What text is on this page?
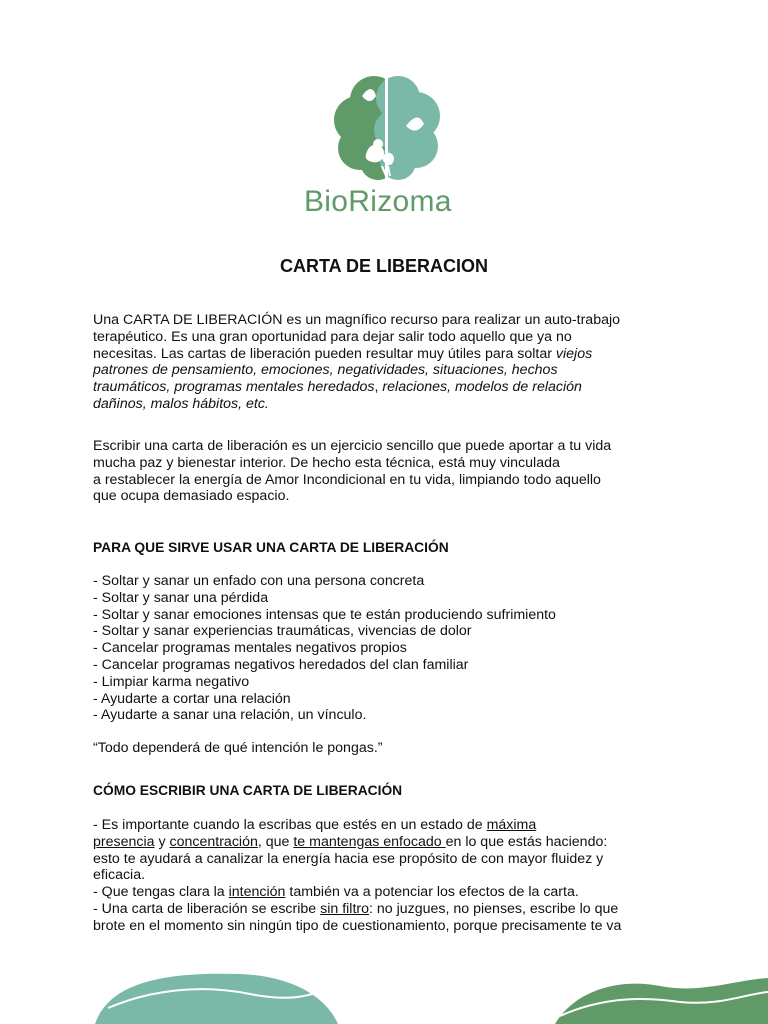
BioRizoma
CARTA DE LIBERACION
Una CARTA DE LIBERACIÓN es un magnífico recurso para realizar un auto-trabajo
terapéutico. Es una gran oportunidad para dejar salir todo aquello que ya no
necesitas. Las cartas de liberación pueden resultar muy útiles para soltar viejos
patrones de pensamiento, emociones, negatividades, situaciones, hechos
traumáticos, programas mentales heredados, relaciones, modelos de relación
dañinos, malos hábitos, etc.
Escribir una carta de liberación es un ejercicio sencillo que puede aportar a tu vida
mucha paz y bienestar interior. De hecho esta técnica, está muy vinculada
a restablecer la energía de Amor Incondicional en tu vida, limpiando todo aquello
que ocupa demasiado espacio.
PARA QUE SIRVE USAR UNA CARTA DE LIBERACIÓN
- Soltar y sanar un enfado con una persona concreta
- Soltar y sanar una pérdida
- Soltar y sanar emociones intensas que te están produciendo sufrimiento
- Soltar y sanar experiencias traumáticas, vivencias de dolor
- Cancelar programas mentales negativos propios
- Cancelar programas negativos heredados del clan familiar
- Limpiar karma negativo
- Ayudarte a cortar una relación
- Ayudarte a sanar una relación, un vínculo.
“Todo dependerá de qué intención le pongas.”
CÓMO ESCRIBIR UNA CARTA DE LIBERACIÓN
- Es importante cuando la escribas que estés en un estado de máxima
presencia y concentración, que te mantengas enfocado en lo que estás haciendo:
esto te ayudará a canalizar la energía hacia ese propósito de con mayor fluidez y
eficacia.
- Que tengas clara la intención también va a potenciar los efectos de la carta.
- Una carta de liberación se escribe sin filtro: no juzgues, no pienses, escribe lo que
brote en el momento sin ningún tipo de cuestionamiento, porque precisamente te va
